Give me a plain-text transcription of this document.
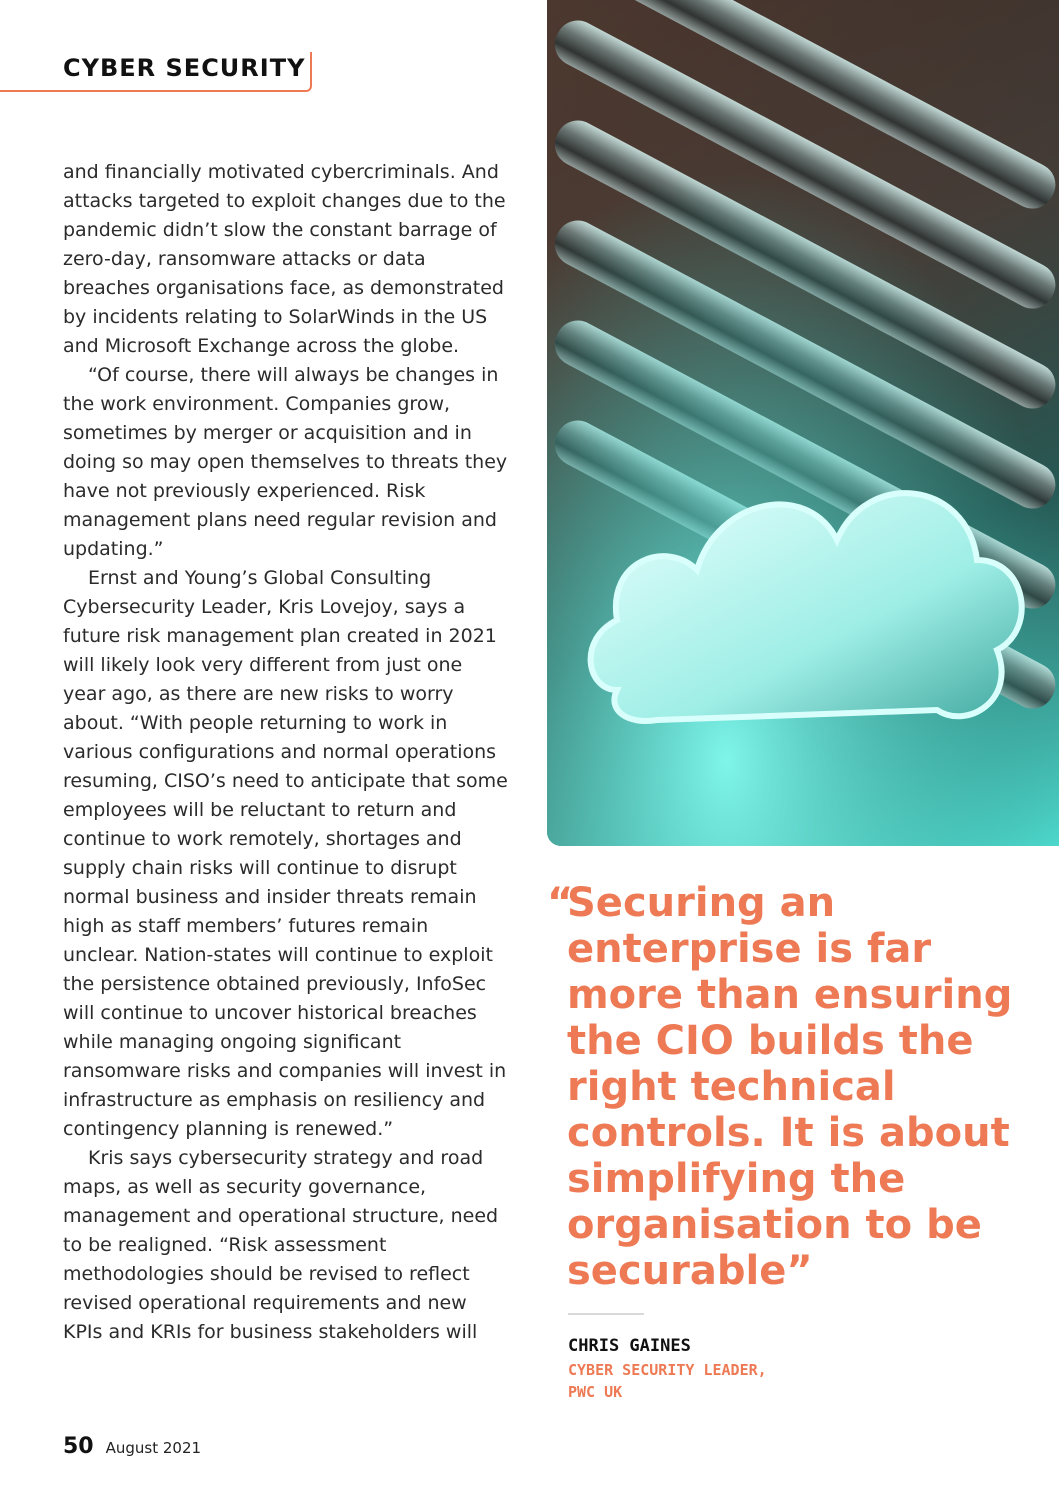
CYBER SECURITY

and financially motivated cybercriminals. And attacks targeted to exploit changes due to the pandemic didn’t slow the constant barrage of zero-day, ransomware attacks or data breaches organisations face, as demonstrated by incidents relating to SolarWinds in the US and Microsoft Exchange across the globe.

“Of course, there will always be changes in the work environment. Companies grow, sometimes by merger or acquisition and in doing so may open themselves to threats they have not previously experienced. Risk management plans need regular revision and updating.”

Ernst and Young’s Global Consulting Cybersecurity Leader, Kris Lovejoy, says a future risk management plan created in 2021 will likely look very different from just one year ago, as there are new risks to worry about. “With people returning to work in various configurations and normal operations resuming, CISO’s need to anticipate that some employees will be reluctant to return and continue to work remotely, shortages and supply chain risks will continue to disrupt normal business and insider threats remain high as staff members’ futures remain unclear. Nation-states will continue to exploit the persistence obtained previously, InfoSec will continue to uncover historical breaches while managing ongoing significant ransomware risks and companies will invest in infrastructure as emphasis on resiliency and contingency planning is renewed.”

Kris says cybersecurity strategy and road maps, as well as security governance, management and operational structure, need to be realigned. “Risk assessment methodologies should be revised to reflect revised operational requirements and new KPIs and KRIs for business stakeholders will

“
Securing an enterprise is far more than ensuring the CIO builds the right technical controls. It is about simplifying the organisation to be securable”
CHRIS GAINES
CYBER SECURITY LEADER,
PWC UK
50 August 2021
